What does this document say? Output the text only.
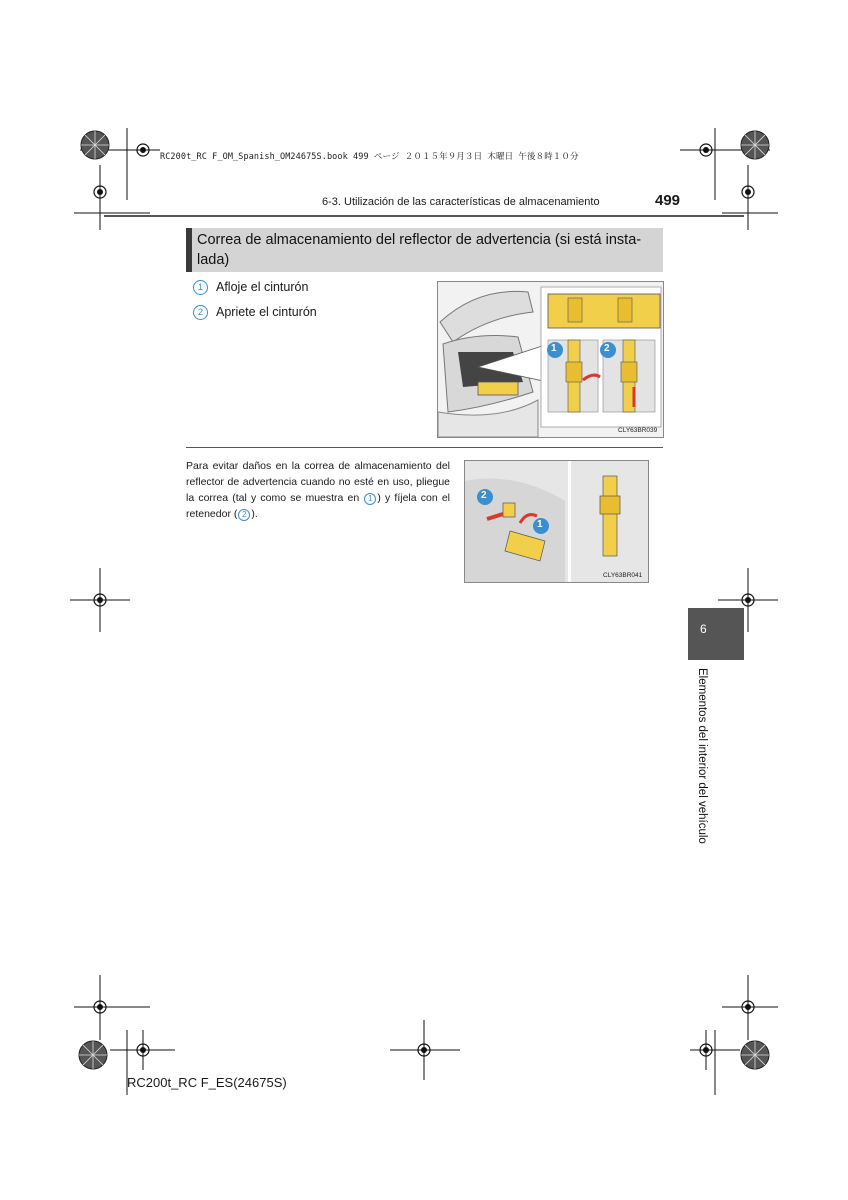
RC200t_RC F_OM_Spanish_OM24675S.book 499 ページ ２０１５年９月３日 木曜日 午後８時１０分
6-3. Utilización de las características de almacenamiento	499
Correa de almacenamiento del reflector de advertencia (si está insta-lada)
1 Afloje el cinturón
2 Apriete el cinturón
1	2
CLY63BR039
Para evitar daños en la correa de almacenamiento del reflector de advertencia cuando no esté en uso, pliegue la correa (tal y como se muestra en 1 ) y fíjela con el retenedor ( 2 ).
2
1
CLY63BR041
6
Elementos del interior del vehículo
RC200t_RC F_ES(24675S)
